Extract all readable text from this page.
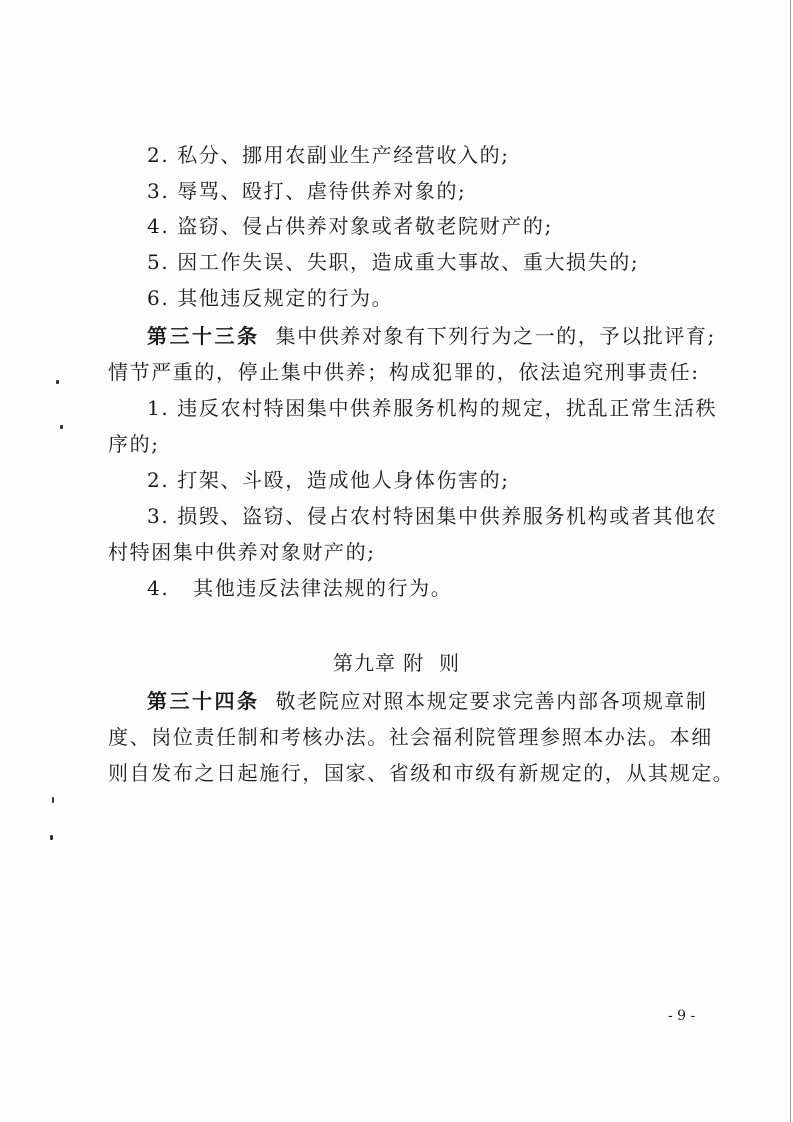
2. 私分、挪用农副业生产经营收入的;
3. 辱骂、殴打、虐待供养对象的;
4. 盗窃、侵占供养对象或者敬老院财产的;
5. 因工作失误、失职，造成重大事故、重大损失的;
6. 其他违反规定的行为。
第三十三条 集中供养对象有下列行为之一的，予以批评育;
情节严重的，停止集中供养；构成犯罪的，依法追究刑事责任:
1. 违反农村特困集中供养服务机构的规定，扰乱正常生活秩
序的;
2. 打架、斗殴，造成他人身体伤害的;
3. 损毁、盗窃、侵占农村特困集中供养服务机构或者其他农
村特困集中供养对象财产的;
4.   其他违反法律法规的行为。
第九章 附  则
第三十四条 敬老院应对照本规定要求完善内部各项规章制
度、岗位责任制和考核办法。社会福利院管理参照本办法。本细
则自发布之日起施行，国家、省级和市级有新规定的，从其规定。
- 9 -
